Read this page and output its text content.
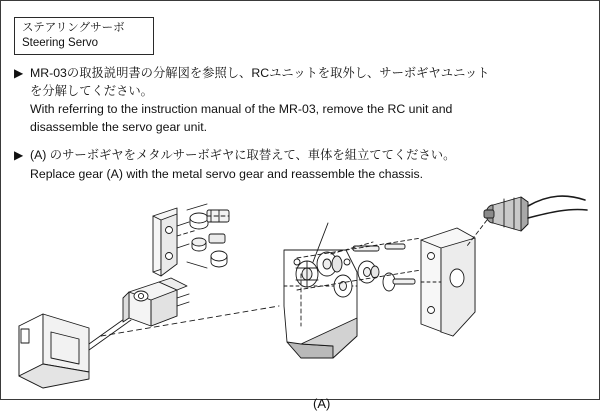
ステアリングサーボ
Steering Servo
▶ MR-03の取扱説明書の分解図を参照し、RCユニットを取外し、サーボギヤユニット
を分解してください。
With referring to the instruction manual of the MR-03, remove the RC unit and
disassemble the servo gear unit.
▶ (A) のサーボギヤをメタルサーボギヤに取替えて、車体を組立ててください。
Replace gear (A) with the metal servo gear and reassemble the chassis.
(A)
